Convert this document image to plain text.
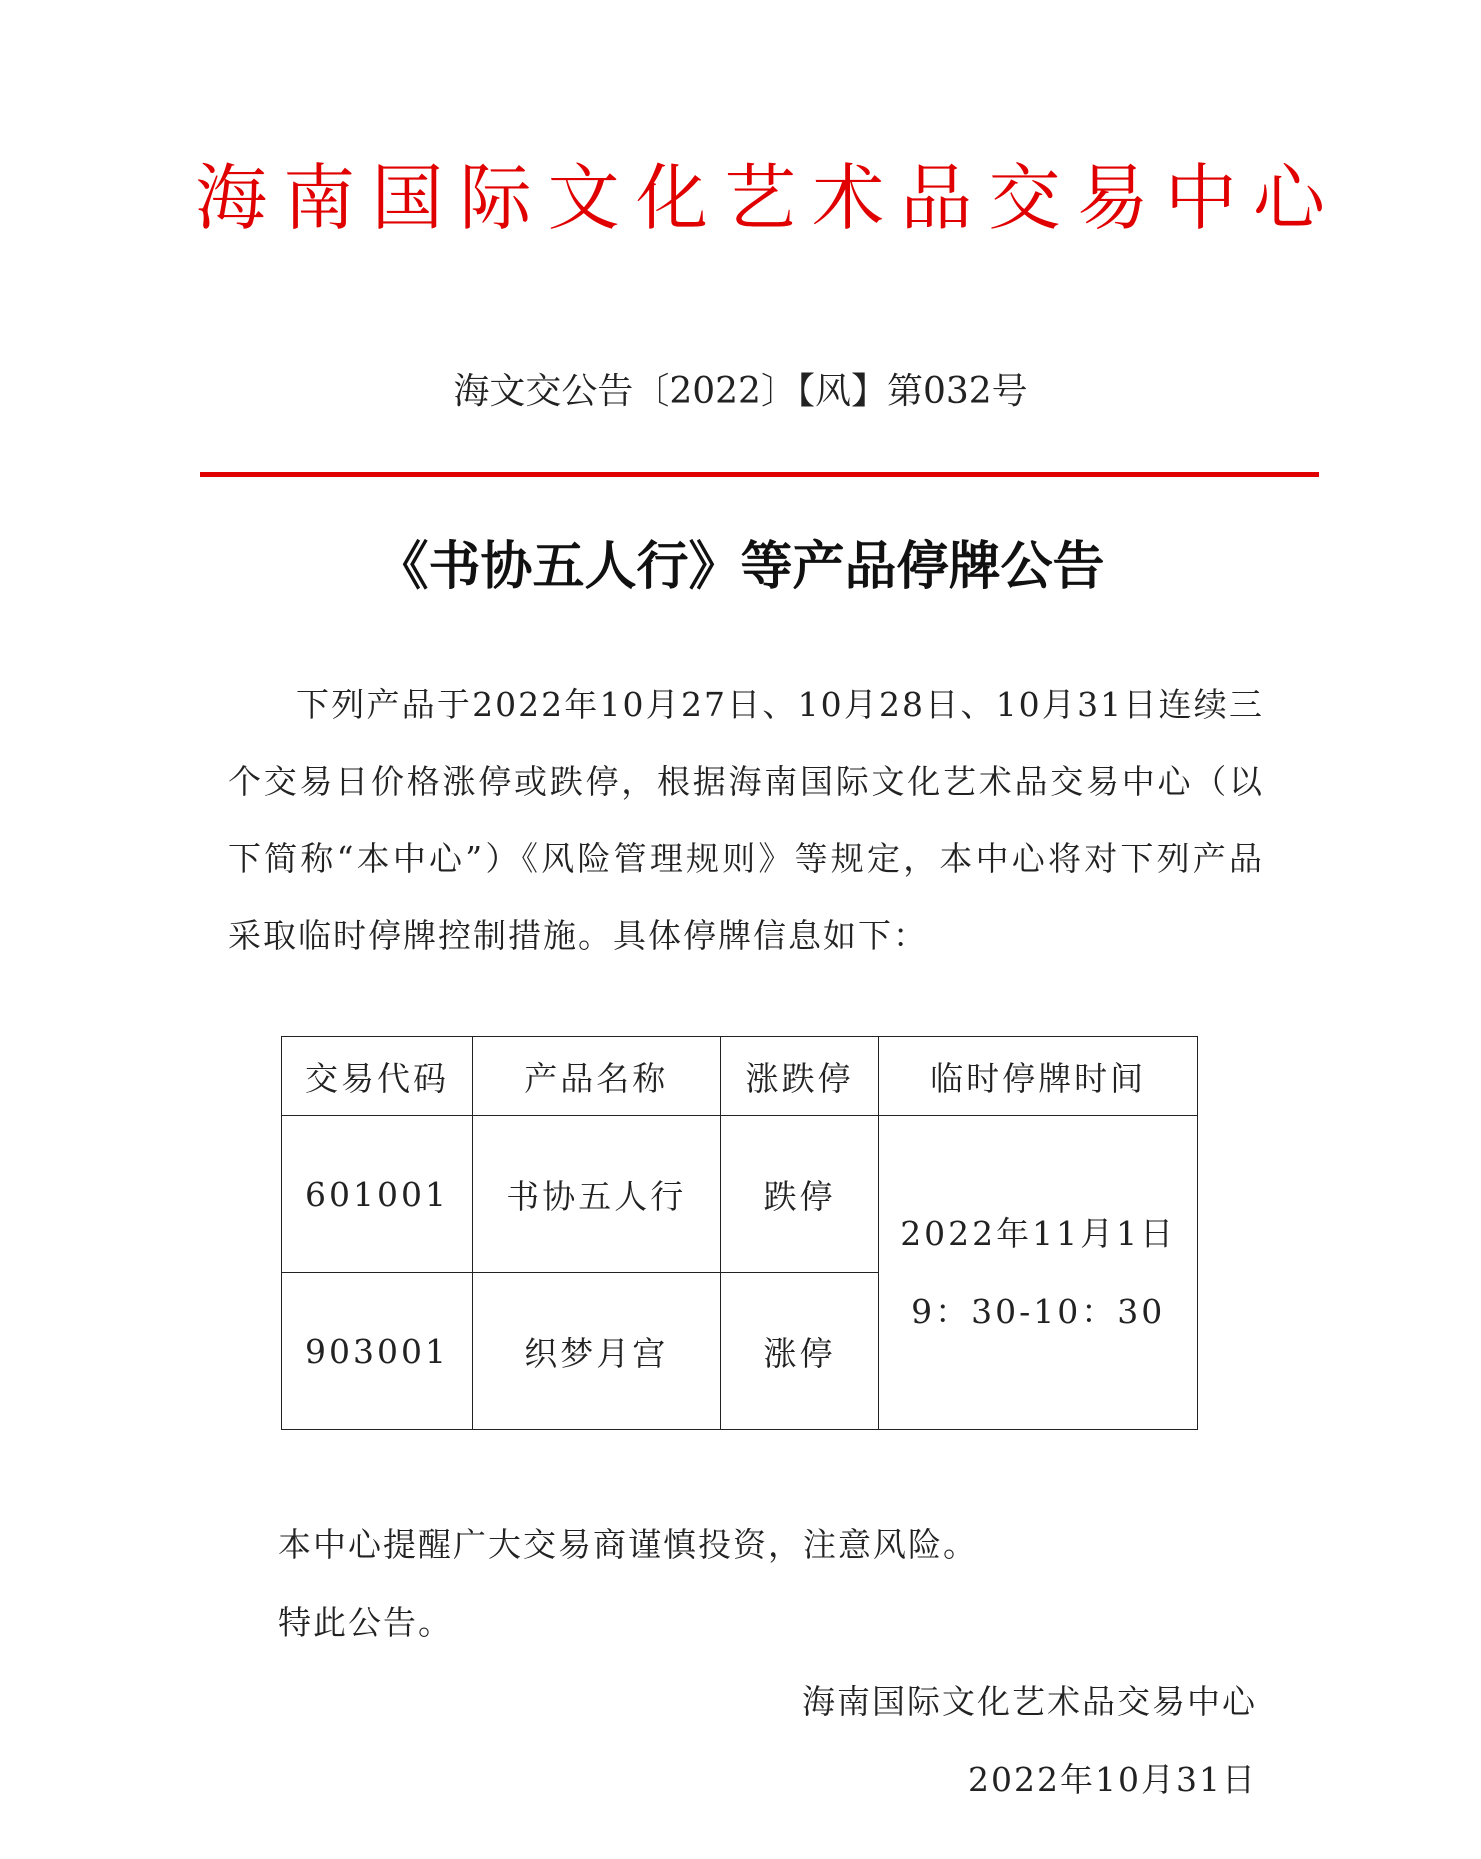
海南国际文化艺术品交易中心
海文交公告〔2022〕【风】第032号
《书协五人行》等产品停牌公告

下列产品于2022年10月27日、10月28日、10月31日连续三个交易日价格涨停或跌停，根据海南国际文化艺术品交易中心（以下简称“本中心”）《风险管理规则》等规定，本中心将对下列产品采取临时停牌控制措施。具体停牌信息如下：

交易代码	产品名称	涨跌停	临时停牌时间
601001	书协五人行	跌停	2022年11月1日
9：30-10：30

903001	织梦月宫	涨停	

本中心提醒广大交易商谨慎投资，注意风险。

特此公告。

海南国际文化艺术品交易中心

2022年10月31日
